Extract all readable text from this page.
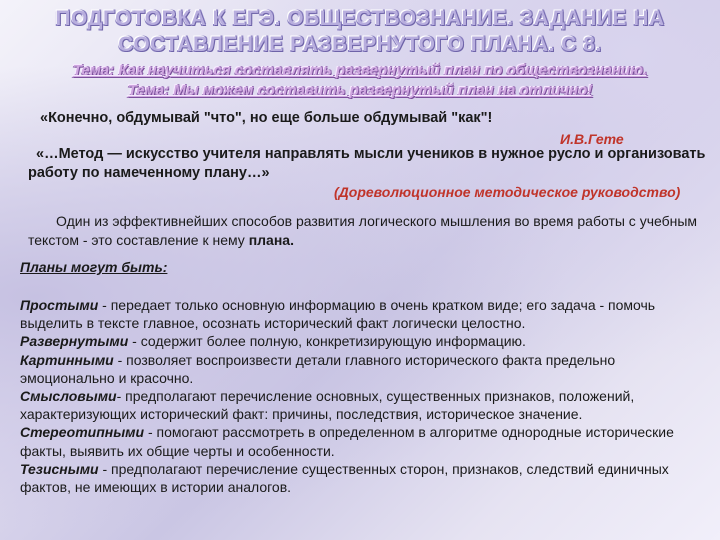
ПОДГОТОВКА К ЕГЭ. ОБЩЕСТВОЗНАНИЕ. ЗАДАНИЕ НА СОСТАВЛЕНИЕ РАЗВЕРНУТОГО ПЛАНА. С 8.
Тема: Как научиться составлять развернутый план по обществознанию.
Тема: Мы можем составить развернутый план на отлично!
«Конечно, обдумывай "что", но еще больше обдумывай "как"!
И.В.Гете
«…Метод — искусство учителя направлять мысли учеников в нужное русло и организовать работу по намеченному плану…»
(Дореволюционное методическое руководство)
Один из эффективнейших способов развития логического мышления во время работы с учебным текстом - это составление к нему плана.
Планы могут быть:

Простыми - передает только основную информацию в очень кратком виде; его задача - помочь выделить в тексте главное, осознать исторический факт логически целостно.

Развернутыми - содержит более полную, конкретизирующую информацию.

Картинными - позволяет воспроизвести детали главного исторического факта предельно эмоционально и красочно.

Смысловыми- предполагают перечисление основных, существенных признаков, положений, характеризующих исторический факт: причины, последствия, историческое значение.

Стереотипными - помогают рассмотреть в определенном в алгоритме однородные исторические факты, выявить их общие черты и особенности.

Тезисными - предполагают перечисление существенных сторон, признаков, следствий единичных фактов, не имеющих в истории аналогов.
